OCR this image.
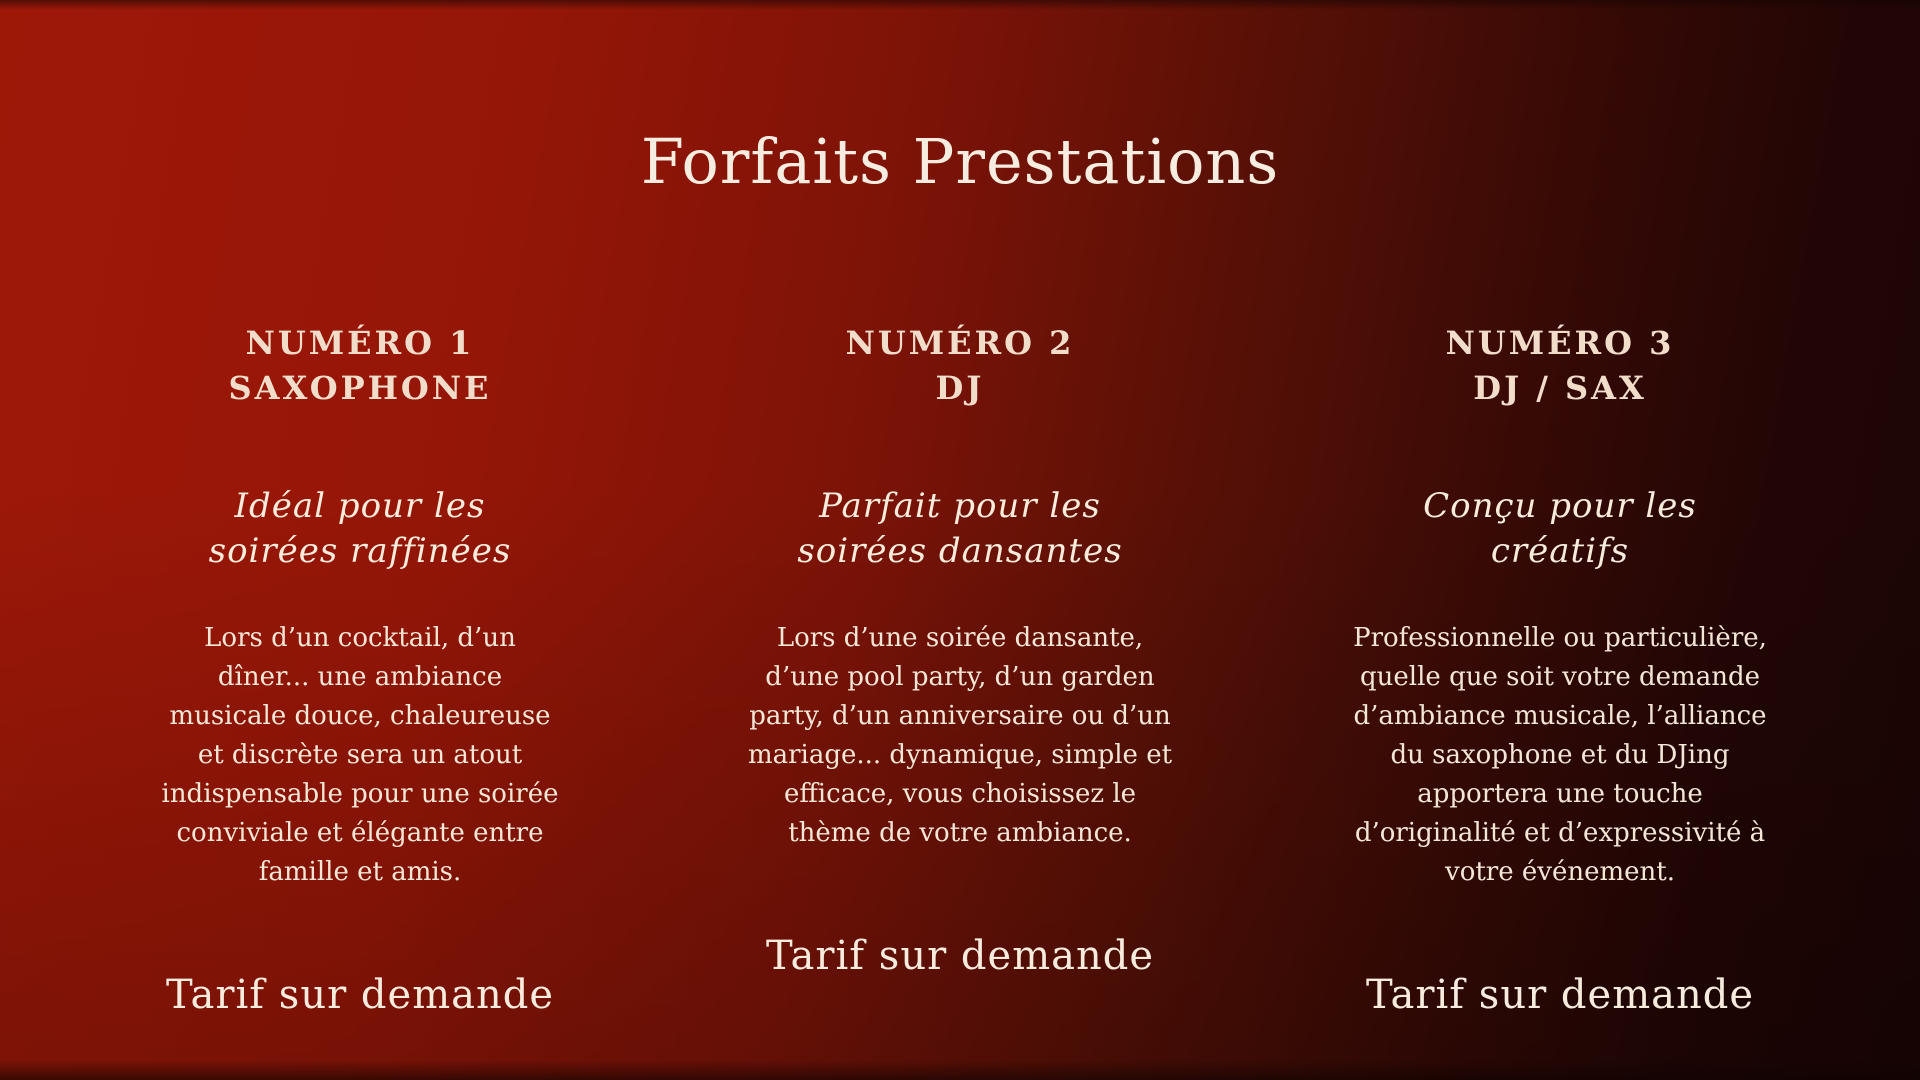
Forfaits Prestations
NUMÉRO 1
SAXOPHONE
Idéal pour les
soirées raffinées

Lors d’un cocktail, d’un dîner... une ambiance musicale douce, chaleureuse et discrète sera un atout indispensable pour une soirée conviviale et élégante entre famille et amis.

Tarif sur demande
NUMÉRO 2
DJ
Parfait pour les
soirées dansantes

Lors d’une soirée dansante, d’une pool party, d’un garden party, d’un anniversaire ou d’un mariage... dynamique, simple et efficace, vous choisissez le thème de votre ambiance.

Tarif sur demande
NUMÉRO 3
DJ / SAX
Conçu pour les
créatifs

Professionnelle ou particulière, quelle que soit votre demande d’ambiance musicale, l’alliance du saxophone et du DJing apportera une touche d’originalité et d’expressivité à votre événement.

Tarif sur demande
